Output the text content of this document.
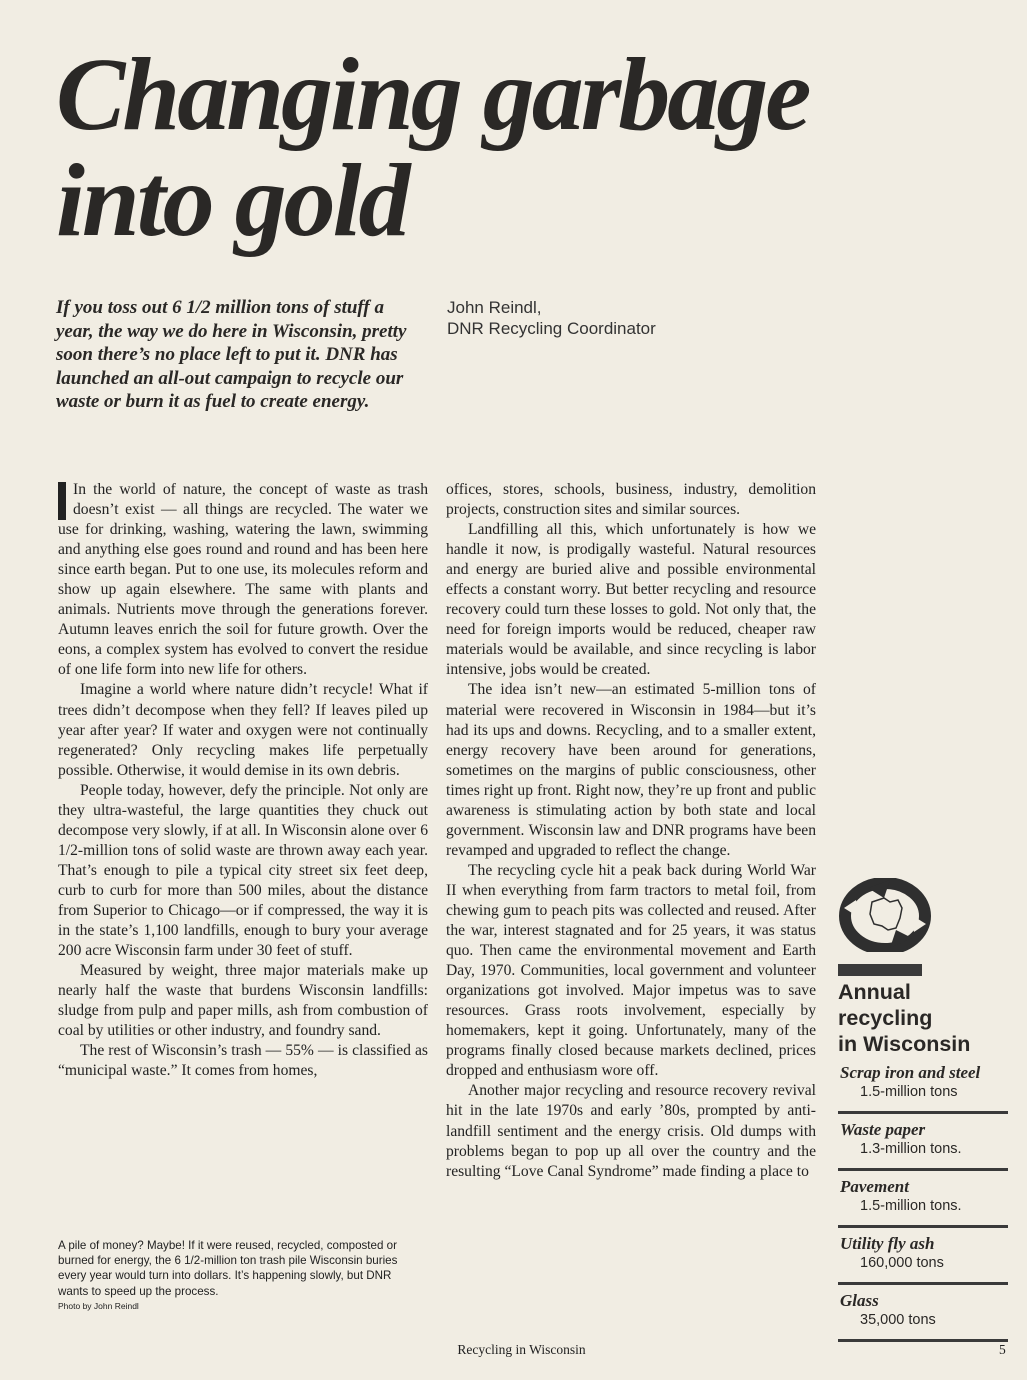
Changing garbage
into gold
If you toss out 6 1/2 million tons of stuff a year, the way we do here in Wisconsin, pretty soon there’s no place left to put it. DNR has launched an all-out campaign to recycle our waste or burn it as fuel to create energy.
John Reindl,
DNR Recycling Coordinator

In the world of nature, the concept of waste as trash doesn’t exist — all things are recycled. The water we use for drinking, washing, watering the lawn, swimming and anything else goes round and round and has been here since earth began. Put to one use, its molecules reform and show up again elsewhere. The same with plants and animals. Nutrients move through the generations forever. Autumn leaves enrich the soil for future growth. Over the eons, a complex system has evolved to convert the residue of one life form into new life for others.

Imagine a world where nature didn’t recycle! What if trees didn’t decompose when they fell? If leaves piled up year after year? If water and oxygen were not continually regenerated? Only recycling makes life perpetually possible. Otherwise, it would demise in its own debris.

People today, however, defy the principle. Not only are they ultra-wasteful, the large quantities they chuck out decompose very slowly, if at all. In Wisconsin alone over 6 1/2-million tons of solid waste are thrown away each year. That’s enough to pile a typical city street six feet deep, curb to curb for more than 500 miles, about the distance from Superior to Chicago—or if compressed, the way it is in the state’s 1,100 landfills, enough to bury your average 200 acre Wisconsin farm under 30 feet of stuff.

Measured by weight, three major materials make up nearly half the waste that burdens Wisconsin landfills: sludge from pulp and paper mills, ash from combustion of coal by utilities or other industry, and foundry sand.

The rest of Wisconsin’s trash — 55% — is classified as “municipal waste.” It comes from homes,

offices, stores, schools, business, industry, demolition projects, construction sites and similar sources.

Landfilling all this, which unfortunately is how we handle it now, is prodigally wasteful. Natural resources and energy are buried alive and possible environmental effects a constant worry. But better recycling and resource recovery could turn these losses to gold. Not only that, the need for foreign imports would be reduced, cheaper raw materials would be available, and since recycling is labor intensive, jobs would be created.

The idea isn’t new—an estimated 5-million tons of material were recovered in Wisconsin in 1984—but it’s had its ups and downs. Recycling, and to a smaller extent, energy recovery have been around for generations, sometimes on the margins of public consciousness, other times right up front. Right now, they’re up front and public awareness is stimulating action by both state and local government. Wisconsin law and DNR programs have been revamped and upgraded to reflect the change.

The recycling cycle hit a peak back during World War II when everything from farm tractors to metal foil, from chewing gum to peach pits was collected and reused. After the war, interest stagnated and for 25 years, it was status quo. Then came the environmental movement and Earth Day, 1970. Communities, local government and volunteer organizations got involved. Major impetus was to save resources. Grass roots involvement, especially by homemakers, kept it going. Unfortunately, many of the programs finally closed because markets declined, prices dropped and enthusiasm wore off.

Another major recycling and resource recovery revival hit in the late 1970s and early ’80s, prompted by anti-landfill sentiment and the energy crisis. Old dumps with problems began to pop up all over the country and the resulting “Love Canal Syndrome” made finding a place to

A pile of money? Maybe! If it were reused, recycled, composted or burned for energy, the 6 1/2-million ton trash pile Wisconsin buries every year would turn into dollars. It’s happening slowly, but DNR wants to speed up the process.
Photo by John Reindl
Annual
recycling
in Wisconsin
Scrap iron and steel
1.5-million tons
Waste paper
1.3-million tons.
Pavement
1.5-million tons.
Utility fly ash
160,000 tons
Glass
35,000 tons
Recycling in Wisconsin	5
